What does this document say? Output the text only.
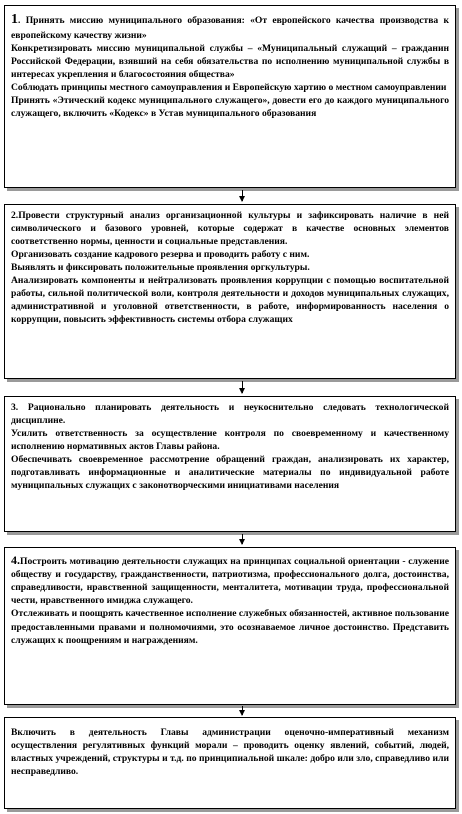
1. Принять миссию муниципального образования: «От европейского качества производства к европейскому качеству жизни»

Конкретизировать миссию муниципальной службы – «Муниципальный служащий – гражданин Российской Федерации, взявший на себя обязательства по исполнению муниципальной службы в интересах укрепления и благосостояния общества»

Соблюдать принципы местного самоуправления и Европейскую хартию о местном самоуправлении

Принять «Этический кодекс муниципального служащего», довести его до каждого муниципального служащего, включить «Кодекс» в Устав муниципального образования

2.Провести структурный анализ организационной культуры и зафиксировать наличие в ней символического и базового уровней, которые содержат в качестве основных элементов соответственно нормы, ценности и социальные представления.

Организовать создание кадрового резерва и проводить работу с ним.

Выявлять и фиксировать положительные проявления оргкультуры.

Анализировать компоненты и нейтрализовать проявления коррупции с помощью воспитательной работы, сильной политической воли, контроля деятельности и доходов муниципальных служащих, административной и уголовной ответственности, в работе, информированность населения о коррупции, повысить эффективность системы отбора служащих

3. Рационально планировать деятельность и неукоснительно следовать технологической дисциплине.

Усилить ответственность за осуществление контроля по своевременному и качественному исполнению нормативных актов Главы района.

Обеспечивать своевременное рассмотрение обращений граждан, анализировать их характер, подготавливать информационные и аналитические материалы по индивидуальной работе муниципальных служащих с законотворческими инициативами населения

4.Построить мотивацию деятельности служащих на принципах социальной ориентации - служение обществу и государству, гражданственности, патриотизма, профессионального долга, достоинства, справедливости, нравственной защищенности, менталитета, мотивации труда, профессиональной чести, нравственного имиджа служащего.

Отслеживать и поощрять качественное исполнение служебных обязанностей, активное пользование предоставленными правами и полномочиями, это осознаваемое личное достоинство. Представить служащих к поощрениям и награждениям.

Включить в деятельность Главы администрации оценочно-императивный механизм осуществления регулятивных функций морали – проводить оценку явлений, событий, людей, властных учреждений, структуры и т.д. по принципиальной шкале: добро или зло, справедливо или несправедливо.
